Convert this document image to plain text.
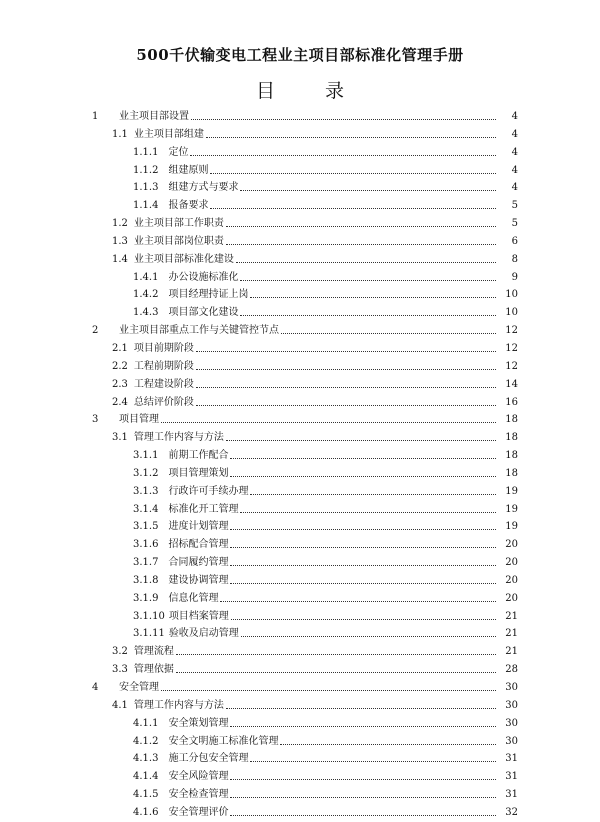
500千伏输变电工程业主项目部标准化管理手册
目 录
1 业主项目部设置	4
1.1 业主项目部组建	4
1.1.1 定位	4
1.1.2 组建原则	4
1.1.3 组建方式与要求	4
1.1.4 报备要求	5
1.2 业主项目部工作职责	5
1.3 业主项目部岗位职责	6
1.4 业主项目部标准化建设	8
1.4.1 办公设施标准化	9
1.4.2 项目经理持证上岗	10
1.4.3 项目部文化建设	10
2 业主项目部重点工作与关键管控节点	12
2.1 项目前期阶段	12
2.2 工程前期阶段	12
2.3 工程建设阶段	14
2.4 总结评价阶段	16
3 项目管理	18
3.1 管理工作内容与方法	18
3.1.1 前期工作配合	18
3.1.2 项目管理策划	18
3.1.3 行政许可手续办理	19
3.1.4 标准化开工管理	19
3.1.5 进度计划管理	19
3.1.6 招标配合管理	20
3.1.7 合同履约管理	20
3.1.8 建设协调管理	20
3.1.9 信息化管理	20
3.1.10 项目档案管理	21
3.1.11 验收及启动管理	21
3.2 管理流程	21
3.3 管理依据	28
4 安全管理	30
4.1 管理工作内容与方法	30
4.1.1 安全策划管理	30
4.1.2 安全文明施工标准化管理	30
4.1.3 施工分包安全管理	31
4.1.4 安全风险管理	31
4.1.5 安全检查管理	31
4.1.6 安全管理评价	32
